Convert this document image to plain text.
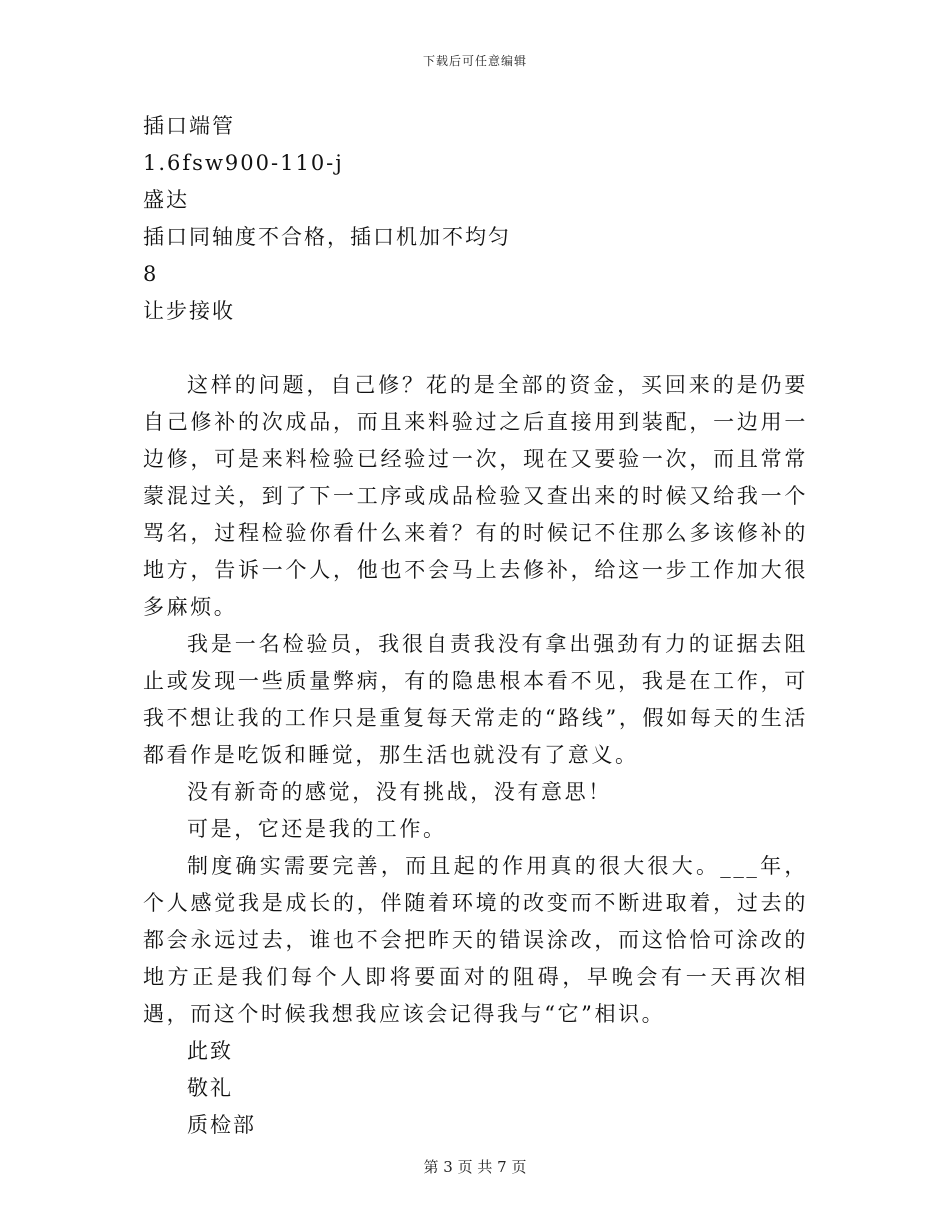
下载后可任意编辑

插口端管

1.6fsw900-110-j

盛达

插口同轴度不合格，插口机加不均匀

8

让步接收

这样的问题，自己修？花的是全部的资金，买回来的是仍要自己修补的次成品，而且来料验过之后直接用到装配，一边用一边修，可是来料检验已经验过一次，现在又要验一次，而且常常蒙混过关，到了下一工序或成品检验又查出来的时候又给我一个骂名，过程检验你看什么来着？有的时候记不住那么多该修补的地方，告诉一个人，他也不会马上去修补，给这一步工作加大很多麻烦。

我是一名检验员，我很自责我没有拿出强劲有力的证据去阻止或发现一些质量弊病，有的隐患根本看不见，我是在工作，可我不想让我的工作只是重复每天常走的“路线”，假如每天的生活都看作是吃饭和睡觉，那生活也就没有了意义。

没有新奇的感觉，没有挑战，没有意思！

可是，它还是我的工作。

制度确实需要完善，而且起的作用真的很大很大。___年，个人感觉我是成长的，伴随着环境的改变而不断进取着，过去的都会永远过去，谁也不会把昨天的错误涂改，而这恰恰可涂改的地方正是我们每个人即将要面对的阻碍，早晚会有一天再次相遇，而这个时候我想我应该会记得我与“它”相识。

此致

敬礼

质检部

第 3 页 共 7 页
